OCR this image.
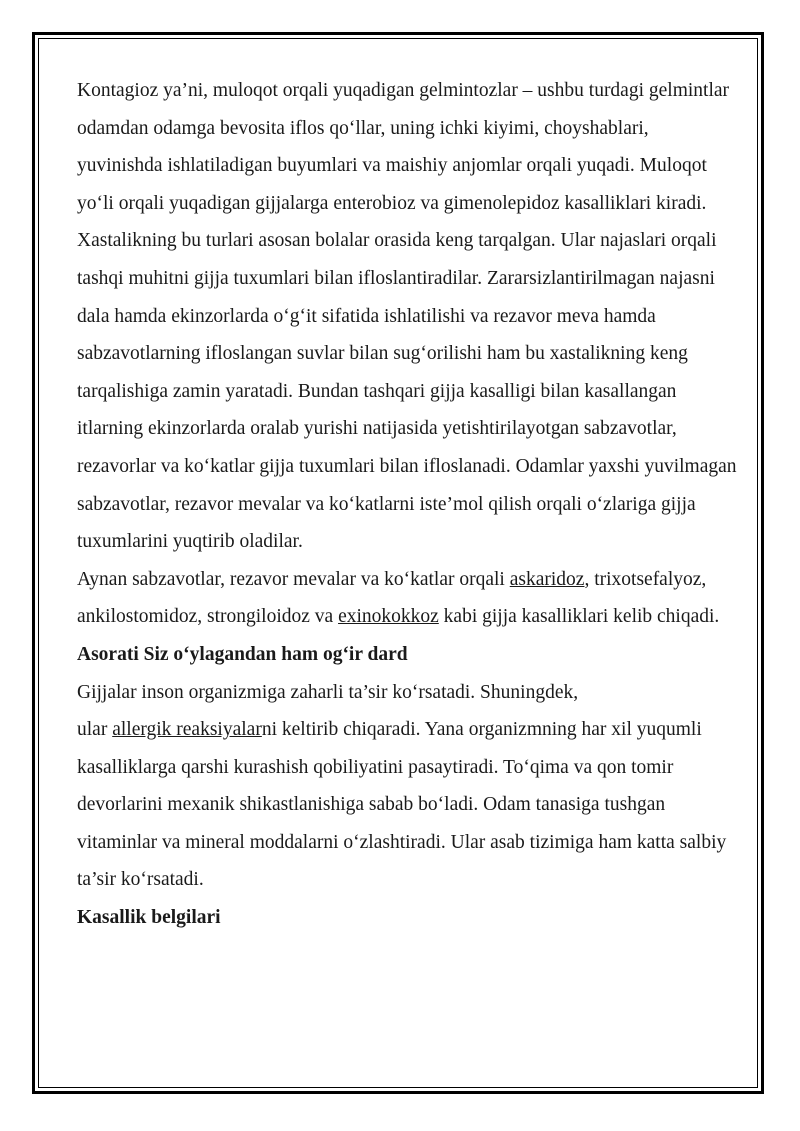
Kontagioz ya’ni, muloqot orqali yuqadigan gelmintozlar – ushbu turdagi gelmintlar odamdan odamga bevosita iflos qo‘llar, uning ichki kiyimi, choyshablari, yuvinishda ishlatiladigan buyumlari va maishiy anjomlar orqali yuqadi. Muloqot yo‘li orqali yuqadigan gijjalarga enterobioz va gimenolepidoz kasalliklari kiradi.

Xastalikning bu turlari asosan bolalar orasida keng tarqalgan. Ular najaslari orqali tashqi muhitni gijja tuxumlari bilan ifloslantiradilar. Zararsizlantirilmagan najasni dala hamda ekinzorlarda o‘g‘it sifatida ishlatilishi va rezavor meva hamda sabzavotlarning ifloslangan suvlar bilan sug‘orilishi ham bu xastalikning keng tarqalishiga zamin yaratadi. Bundan tashqari gijja kasalligi bilan kasallangan itlarning ekinzorlarda oralab yurishi natijasida yetishtirilayotgan sabzavotlar, rezavorlar va ko‘katlar gijja tuxumlari bilan ifloslanadi. Odamlar yaxshi yuvilmagan sabzavotlar, rezavor mevalar va ko‘katlarni iste’mol qilish orqali o‘zlariga gijja tuxumlarini yuqtirib oladilar.

Aynan sabzavotlar, rezavor mevalar va ko‘katlar orqali askaridoz, trixotsefalyoz, ankilostomidoz, strongiloidoz va exinokokkoz kabi gijja kasalliklari kelib chiqadi.

Asorati Siz o‘ylagandan ham og‘ir dard

Gijjalar inson organizmiga zaharli ta’sir ko‘rsatadi. Shuningdek,
ular allergik reaksiyalarni keltirib chiqaradi. Yana organizmning har xil yuqumli kasalliklarga qarshi kurashish qobiliyatini pasaytiradi. To‘qima va qon tomir devorlarini mexanik shikastlanishiga sabab bo‘ladi. Odam tanasiga tushgan vitaminlar va mineral moddalarni o‘zlashtiradi. Ular asab tizimiga ham katta salbiy ta’sir ko‘rsatadi.

Kasallik belgilari
